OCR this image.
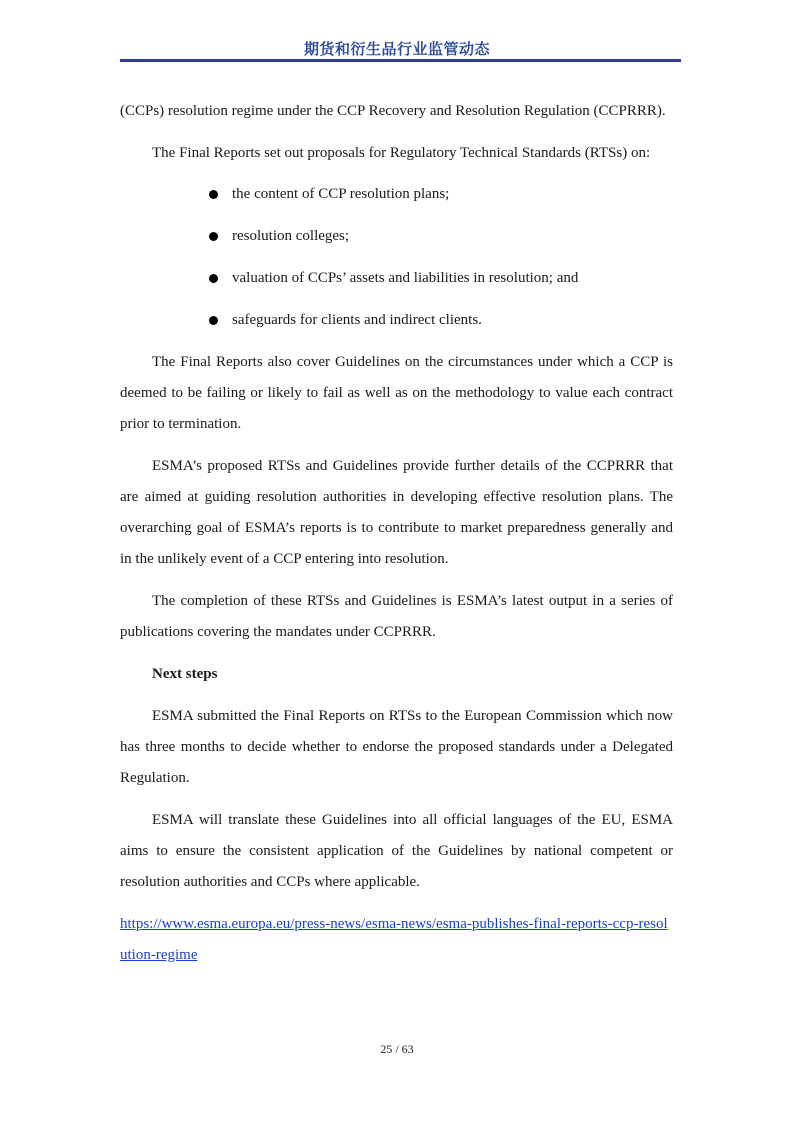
期货和衍生品行业监管动态

(CCPs) resolution regime under the CCP Recovery and Resolution Regulation (CCPRRR).

The Final Reports set out proposals for Regulatory Technical Standards (RTSs) on:

the content of CCP resolution plans;
resolution colleges;
valuation of CCPs’ assets and liabilities in resolution; and
safeguards for clients and indirect clients.

The Final Reports also cover Guidelines on the circumstances under which a CCP is deemed to be failing or likely to fail as well as on the methodology to value each contract prior to termination.

ESMA’s proposed RTSs and Guidelines provide further details of the CCPRRR that are aimed at guiding resolution authorities in developing effective resolution plans. The overarching goal of ESMA’s reports is to contribute to market preparedness generally and in the unlikely event of a CCP entering into resolution.

The completion of these RTSs and Guidelines is ESMA’s latest output in a series of publications covering the mandates under CCPRRR.

Next steps

ESMA submitted the Final Reports on RTSs to the European Commission which now has three months to decide whether to endorse the proposed standards under a Delegated Regulation.

ESMA will translate these Guidelines into all official languages of the EU, ESMA aims to ensure the consistent application of the Guidelines by national competent or resolution authorities and CCPs where applicable.

https://www.esma.europa.eu/press-news/esma-news/esma-publishes-final-reports-ccp-resolution-regime

25 / 63
